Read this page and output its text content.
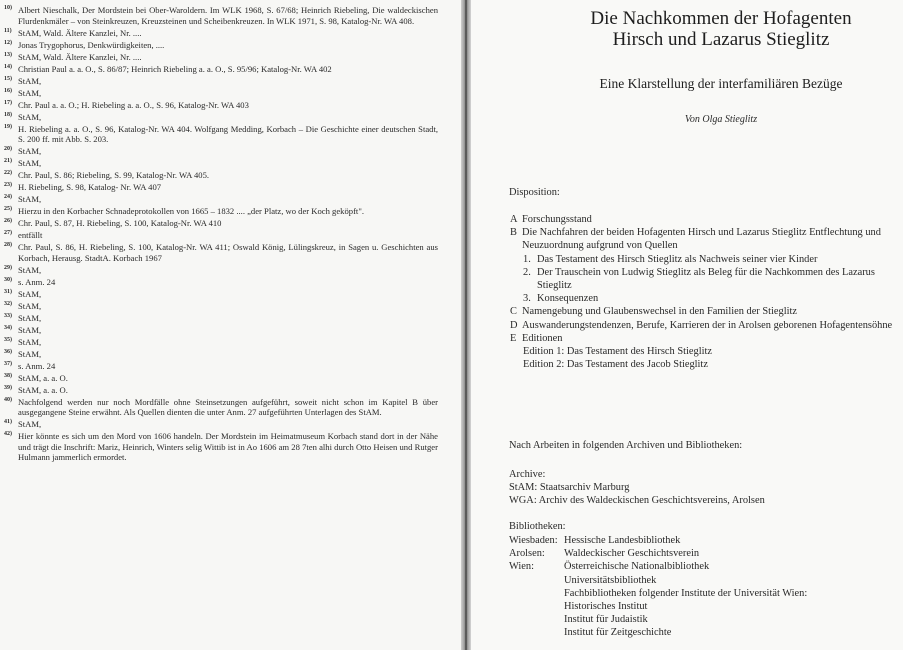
10 ) Albert Nieschalk, Der Mordstein bei Ober-Waroldern. Im WLK 1968, S. 67/68; Heinrich Riebeling, Die waldeckischen Flurdenkmäler – von Steinkreuzen, Kreuzsteinen und Scheibenkreuzen. In WLK 1971, S. 98, Katalog-Nr. WA 408.
11 ) StAM, Wald. Ältere Kanzlei, Nr. ....
12 ) Jonas Trygophorus, Denkwürdigkeiten, ....
13 ) StAM, Wald. Ältere Kanzlei, Nr. ....
14 ) Christian Paul a. a. O., S. 86/87; Heinrich Riebeling a. a. O., S. 95/96; Katalog-Nr. WA 402
15 ) StAM,
16 ) StAM,
17 ) Chr. Paul a. a. O.; H. Riebeling a. a. O., S. 96, Katalog-Nr. WA 403
18 ) StAM,
19 ) H. Riebeling a. a. O., S. 96, Katalog-Nr. WA 404. Wolfgang Medding, Korbach – Die Geschichte einer deutschen Stadt, S. 200 ff. mit Abb. S. 203.
20 ) StAM,
21 ) StAM,
22 ) Chr. Paul, S. 86; Riebeling, S. 99, Katalog-Nr. WA 405.
23 ) H. Riebeling, S. 98, Katalog- Nr. WA 407
24 ) StAM,
25 ) Hierzu in den Korbacher Schnadeprotokollen von 1665 – 1832 .... „der Platz, wo der Koch geköpft".
26 ) Chr. Paul, S. 87, H. Riebeling, S. 100, Katalog-Nr. WA 410
27 ) entfällt
28 ) Chr. Paul, S. 86, H. Riebeling, S. 100, Katalog-Nr. WA 411; Oswald König, Lülingskreuz, in Sagen u. Geschichten aus Korbach, Herausg. StadtA. Korbach 1967
29 ) StAM,
30 ) s. Anm. 24
31 ) StAM,
32 ) StAM,
33 ) StAM,
34 ) StAM,
35 ) StAM,
36 ) StAM,
37 ) s. Anm. 24
38 ) StAM, a. a. O.
39 ) StAM, a. a. O.
40 ) Nachfolgend werden nur noch Mordfälle ohne Steinsetzungen aufgeführt, soweit nicht schon im Kapitel B über ausgegangene Steine erwähnt. Als Quellen dienten die unter Anm. 27 aufgeführten Unterlagen des StAM.
41 ) StAM,
42 ) Hier könnte es sich um den Mord von 1606 handeln. Der Mordstein im Heimatmuseum Korbach stand dort in der Nähe und trägt die Inschrift: Mariz, Heinrich, Winters selig Wittib ist in Ao 1606 am 28 7ten alhi durch Otto Heisen und Rutger Hulmann jammerlich ermordet.
Die Nachkommen der Hofagenten
Hirsch und Lazarus Stieglitz
Eine Klarstellung der interfamiliären Bezüge
Von Olga Stieglitz
Disposition:
A Forschungsstand
B Die Nachfahren der beiden Hofagenten Hirsch und Lazarus Stieglitz Entflechtung und Neuzuordnung aufgrund von Quellen
1. Das Testament des Hirsch Stieglitz als Nachweis seiner vier Kinder
2. Der Trauschein von Ludwig Stieglitz als Beleg für die Nachkommen des Lazarus Stieglitz
3. Konsequenzen
C Namengebung und Glaubenswechsel in den Familien der Stieglitz
D Auswanderungstendenzen, Berufe, Karrieren der in Arolsen geborenen Hofagentensöhne
E Editionen
Edition 1: Das Testament des Hirsch Stieglitz
Edition 2: Das Testament des Jacob Stieglitz
Nach Arbeiten in folgenden Archiven und Bibliotheken:
Archive:
StAM: Staatsarchiv Marburg
WGA: Archiv des Waldeckischen Geschichtsvereins, Arolsen
Bibliotheken:
Wiesbaden: Hessische Landesbibliothek
Arolsen:	Waldeckischer Geschichtsverein
Wien:	Österreichische Nationalbibliothek
Universitätsbibliothek
Fachbibliotheken folgender Institute der Universität Wien:
Historisches Institut
Institut für Judaistik
Institut für Zeitgeschichte
